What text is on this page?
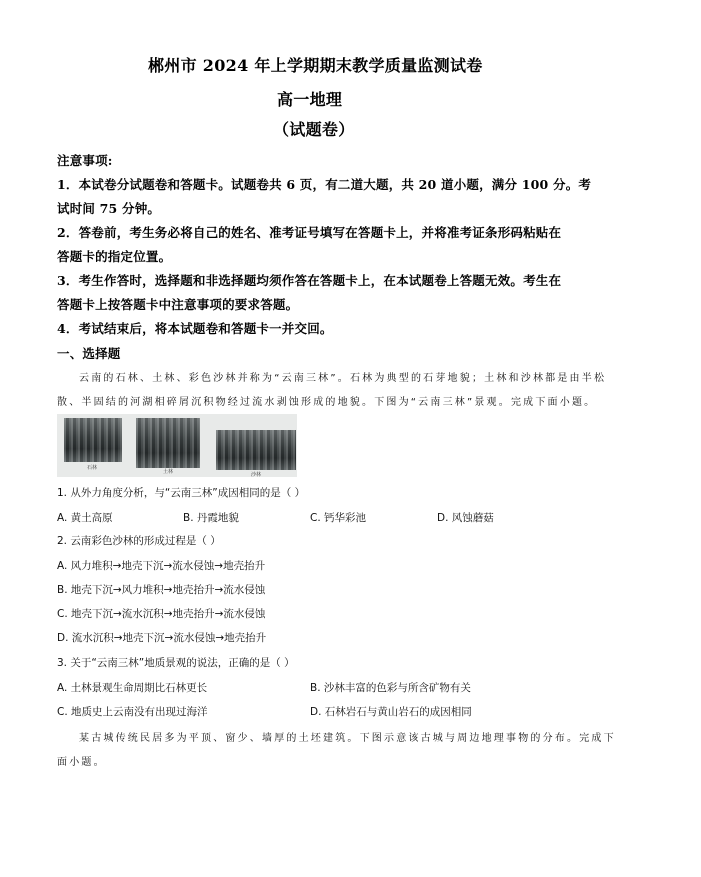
郴州市 2024 年上学期期末教学质量监测试卷
高一地理
（试题卷）
注意事项:
1．本试卷分试题卷和答题卡。试题卷共 6 页，有二道大题，共 20 道小题，满分 100 分。考
试时间 75 分钟。
2．答卷前，考生务必将自己的姓名、准考证号填写在答题卡上，并将准考证条形码粘贴在
答题卡的指定位置。
3．考生作答时，选择题和非选择题均须作答在答题卡上，在本试题卷上答题无效。考生在
答题卡上按答题卡中注意事项的要求答题。
4．考试结束后，将本试题卷和答题卡一并交回。
一、选择题
云南的石林、土林、彩色沙林并称为“云南三林”。石林为典型的石芽地貌；土林和沙林都是由半松
散、半固结的河湖相碎屑沉积物经过流水剥蚀形成的地貌。下图为“云南三林”景观。完成下面小题。
石林
土林	沙林
1. 从外力角度分析，与“云南三林”成因相同的是（ ）
A. 黄土高原	B. 丹霞地貌	C. 钙华彩池	D. 风蚀蘑菇
2. 云南彩色沙林的形成过程是（ ）
A. 风力堆积→地壳下沉→流水侵蚀→地壳抬升
B. 地壳下沉→风力堆积→地壳抬升→流水侵蚀
C. 地壳下沉→流水沉积→地壳抬升→流水侵蚀
D. 流水沉积→地壳下沉→流水侵蚀→地壳抬升
3. 关于“云南三林”地质景观的说法，正确的是（ ）
A. 土林景观生命周期比石林更长	B. 沙林丰富的色彩与所含矿物有关
C. 地质史上云南没有出现过海洋	D. 石林岩石与黄山岩石的成因相同
某古城传统民居多为平顶、窗少、墙厚的土坯建筑。下图示意该古城与周边地理事物的分布。完成下
面小题。
